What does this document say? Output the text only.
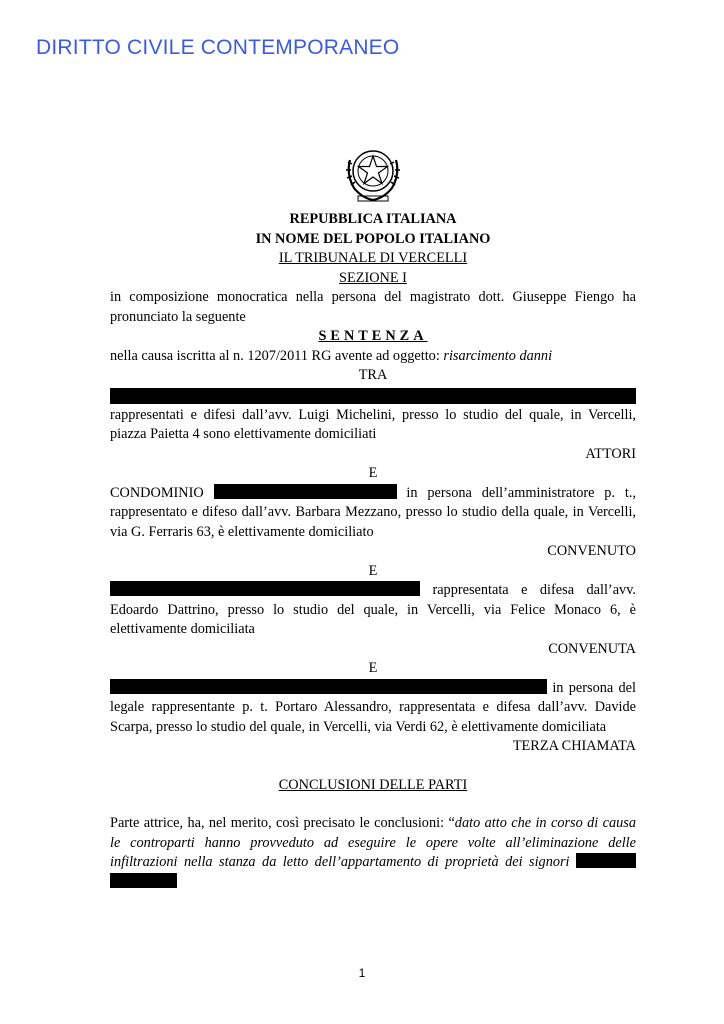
DIRITTO CIVILE CONTEMPORANEO

REPUBBLICA ITALIANA

IN NOME DEL POPOLO ITALIANO

IL TRIBUNALE DI VERCELLI

SEZIONE I

in composizione monocratica nella persona del magistrato dott. Giuseppe Fiengo ha pronunciato la seguente

SENTENZA

nella causa iscritta al n. 1207/2011 RG avente ad oggetto: risarcimento danni

TRA

rappresentati e difesi dall’avv. Luigi Michelini, presso lo studio del quale, in Vercelli, piazza Paietta 4 sono elettivamente domiciliati

ATTORI

E

CONDOMINIO	in persona dell’amministratore p. t., rappresentato e difeso dall’avv. Barbara Mezzano, presso lo studio della quale, in Vercelli, via G. Ferraris 63, è elettivamente domiciliato

CONVENUTO

E

rappresentata e difesa dall’avv. Edoardo Dattrino, presso lo studio del quale, in Vercelli, via Felice Monaco 6, è elettivamente domiciliata

CONVENUTA

E

in persona del legale rappresentante p. t. Portaro Alessandro, rappresentata e difesa dall’avv. Davide Scarpa, presso lo studio del quale, in Vercelli, via Verdi 62, è elettivamente domiciliata

TERZA CHIAMATA

CONCLUSIONI DELLE PARTI

Parte attrice, ha, nel merito, così precisato le conclusioni: “dato atto che in corso di causa le controparti hanno provveduto ad eseguire le opere volte all’eliminazione delle infiltrazioni nella stanza da letto dell’appartamento di proprietà dei signori

1
